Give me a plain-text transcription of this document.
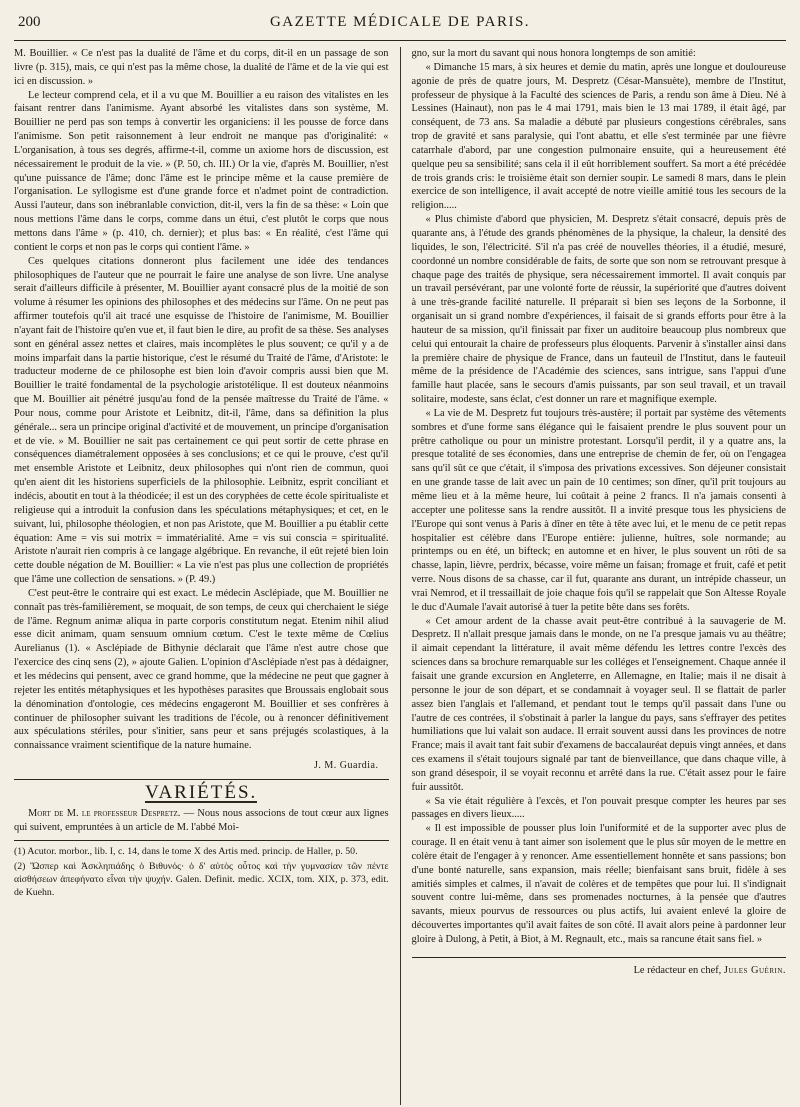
200	GAZETTE MÉDICALE DE PARIS.

M. Bouillier. « Ce n'est pas la dualité de l'âme et du corps, dit-il en un passage de son livre (p. 315), mais, ce qui n'est pas la même chose, la dualité de l'âme et de la vie qui est ici en discussion. »

Le lecteur comprend cela, et il a vu que M. Bouillier a eu raison des vitalistes en les faisant rentrer dans l'animisme. Ayant absorbé les vitalistes dans son système, M. Bouillier ne perd pas son temps à convertir les organiciens: il les pousse de force dans l'animisme. Son petit raisonnement à leur endroit ne manque pas d'originalité: « L'organisation, à tous ses degrés, affirme-t-il, comme un axiome hors de discussion, est nécessairement le produit de la vie. » (P. 50, ch. III.) Or la vie, d'après M. Bouillier, n'est qu'une puissance de l'âme; donc l'âme est le principe même et la cause première de l'organisation. Le syllogisme est d'une grande force et n'admet point de contradiction. Aussi l'auteur, dans son inébranlable conviction, dit-il, vers la fin de sa thèse: « Loin que nous mettions l'âme dans le corps, comme dans un étui, c'est plutôt le corps que nous mettons dans l'âme » (p. 410, ch. dernier); et plus bas: « En réalité, c'est l'âme qui contient le corps et non pas le corps qui contient l'âme. »

Ces quelques citations donneront plus facilement une idée des tendances philosophiques de l'auteur que ne pourrait le faire une analyse de son livre. Une analyse serait d'ailleurs difficile à présenter, M. Bouillier ayant consacré plus de la moitié de son volume à résumer les opinions des philosophes et des médecins sur l'âme. On ne peut pas affirmer toutefois qu'il ait tracé une esquisse de l'histoire de l'animisme, M. Bouillier n'ayant fait de l'histoire qu'en vue et, il faut bien le dire, au profit de sa thèse. Ses analyses sont en général assez nettes et claires, mais incomplètes le plus souvent; ce qu'il y a de moins imparfait dans la partie historique, c'est le résumé du Traité de l'âme, d'Aristote: le traducteur moderne de ce philosophe est bien loin d'avoir compris aussi bien que M. Bouillier le traité fondamental de la psychologie aristotélique. Il est douteux néanmoins que M. Bouillier ait pénétré jusqu'au fond de la pensée maîtresse du Traité de l'âme. « Pour nous, comme pour Aristote et Leibnitz, dit-il, l'âme, dans sa définition la plus générale... sera un principe original d'activité et de mouvement, un principe d'organisation et de vie. » M. Bouillier ne sait pas certainement ce qui peut sortir de cette phrase en conséquences diamétralement opposées à ses conclusions; et ce qui le prouve, c'est qu'il met ensemble Aristote et Leibnitz, deux philosophes qui n'ont rien de commun, quoi qu'en aient dit les historiens superficiels de la philosophie. Leibnitz, esprit conciliant et indécis, aboutit en tout à la théodicée; il est un des coryphées de cette école spiritualiste et religieuse qui a introduit la confusion dans les spéculations métaphysiques; et cet, en le suivant, lui, philosophe théologien, et non pas Aristote, que M. Bouillier a pu établir cette équation: Ame = vis sui motrix = immatérialité. Ame = vis sui conscia = spiritualité. Aristote n'aurait rien compris à ce langage algébrique. En revanche, il eût rejeté bien loin cette double négation de M. Bouillier: « La vie n'est pas plus une collection de propriétés que l'âme une collection de sensations. » (P. 49.)

C'est peut-être le contraire qui est exact. Le médecin Asclépiade, que M. Bouillier ne connaît pas très-familièrement, se moquait, de son temps, de ceux qui cherchaient le siége de l'âme. Regnum animæ aliqua in parte corporis constitutum negat. Etenim nihil aliud esse dicit animam, quam sensuum omnium cœtum. C'est le texte même de Cœlius Aurelianus (1). « Asclépiade de Bithynie déclarait que l'âme n'est autre chose que l'exercice des cinq sens (2), » ajoute Galien. L'opinion d'Asclépiade n'est pas à dédaigner, et les médecins qui pensent, avec ce grand homme, que la médecine ne peut que gagner à rejeter les entités métaphysiques et les hypothèses parasites que Broussais englobait sous la dénomination d'ontologie, ces médecins engageront M. Bouillier et ses confrères à continuer de philosopher suivant les traditions de l'école, ou à renoncer définitivement aux spéculations stériles, pour s'initier, sans peur et sans préjugés scolastiques, à la connaissance vraiment scientifique de la nature humaine.

J. M. Guardia.
VARIÉTÉS.

Mort de M. le professeur Despretz. — Nous nous associons de tout cœur aux lignes qui suivent, empruntées à un article de M. l'abbé Moi-

(1) Acutor. morbor., lib. I, c. 14, dans le tome X des Artis med. princip. de Haller, p. 50.

(2) Ὥσπερ καὶ Ἀσκληπιάδης ὁ Βιθυνός· ὁ δ' αὐτὸς οὗτος καὶ τὴν γυμνασίαν τῶν πέντε αἰσθήσεων ἀπεφήνατο εἶναι τὴν ψυχήν. Galen. Definit. medic. XCIX, tom. XIX, p. 373, edit. de Kuehn.

gno, sur la mort du savant qui nous honora longtemps de son amitié:

« Dimanche 15 mars, à six heures et demie du matin, après une longue et douloureuse agonie de près de quatre jours, M. Despretz (César-Mansuète), membre de l'Institut, professeur de physique à la Faculté des sciences de Paris, a rendu son âme à Dieu. Né à Lessines (Hainaut), non pas le 4 mai 1791, mais bien le 13 mai 1789, il était âgé, par conséquent, de 73 ans. Sa maladie a débuté par plusieurs congestions cérébrales, sans trop de gravité et sans paralysie, qui l'ont abattu, et elle s'est terminée par une fièvre catarrhale d'abord, par une congestion pulmonaire ensuite, qui a heureusement été quelque peu sa sensibilité; sans cela il il eût horriblement souffert. Sa mort a été précédée de trois grands cris: le troisième était son dernier soupir. Le samedi 8 mars, dans le plein exercice de son intelligence, il avait accepté de notre vieille amitié tous les secours de la religion.....

« Plus chimiste d'abord que physicien, M. Despretz s'était consacré, depuis près de quarante ans, à l'étude des grands phénomènes de la physique, la chaleur, la densité des liquides, le son, l'électricité. S'il n'a pas créé de nouvelles théories, il a étudié, mesuré, coordonné un nombre considérable de faits, de sorte que son nom se retrouvant presque à chaque page des traités de physique, sera nécessairement immortel. Il avait conquis par un travail persévérant, par une volonté forte de réussir, la supériorité que d'autres doivent à une très-grande facilité naturelle. Il préparait si bien ses leçons de la Sorbonne, il organisait un si grand nombre d'expériences, il faisait de si grands efforts pour être à la hauteur de sa mission, qu'il finissait par fixer un auditoire beaucoup plus nombreux que celui qui entourait la chaire de professeurs plus éloquents. Parvenir à s'installer ainsi dans la première chaire de physique de France, dans un fauteuil de l'Institut, dans le fauteuil même de la présidence de l'Académie des sciences, sans intrigue, sans l'appui d'une famille haut placée, sans le secours d'amis puissants, par son seul travail, et un travail solitaire, modeste, sans éclat, c'est donner un rare et magnifique exemple.

« La vie de M. Despretz fut toujours très-austère; il portait par système des vêtements sombres et d'une forme sans élégance qui le faisaient prendre le plus souvent pour un prêtre catholique ou pour un ministre protestant. Lorsqu'il perdit, il y a quatre ans, la presque totalité de ses économies, dans une entreprise de chemin de fer, où on l'engagea sans qu'il sût ce que c'était, il s'imposa des privations excessives. Son déjeuner consistait en une grande tasse de lait avec un pain de 10 centimes; son dîner, qu'il prit toujours au même lieu et à la même heure, lui coûtait à peine 2 francs. Il n'a jamais consenti à accepter une politesse sans la rendre aussitôt. Il a invité presque tous les physiciens de l'Europe qui sont venus à Paris à dîner en tête à tête avec lui, et le menu de ce petit repas hospitalier est célèbre dans l'Europe entière: julienne, huîtres, sole normande; au printemps ou en été, un bifteck; en automne et en hiver, le plus souvent un rôti de sa chasse, lapin, lièvre, perdrix, bécasse, voire même un faisan; fromage et fruit, café et petit verre. Nous disons de sa chasse, car il fut, quarante ans durant, un intrépide chasseur, un vrai Nemrod, et il tressaillait de joie chaque fois qu'il se rappelait que Son Altesse Royale le duc d'Aumale l'avait autorisé à tuer la petite bête dans ses forêts.

« Cet amour ardent de la chasse avait peut-être contribué à la sauvagerie de M. Despretz. Il n'allait presque jamais dans le monde, on ne l'a presque jamais vu au théâtre; il aimait cependant la littérature, il avait même défendu les lettres contre l'excès des sciences dans sa brochure remarquable sur les colléges et l'enseignement. Chaque année il faisait une grande excursion en Angleterre, en Allemagne, en Italie; mais il ne disait à personne le jour de son départ, et se condamnait à voyager seul. Il se flattait de parler assez bien l'anglais et l'allemand, et pendant tout le temps qu'il passait dans l'une ou l'autre de ces contrées, il s'obstinait à parler la langue du pays, sans s'effrayer des petites humiliations que lui valait son audace. Il errait souvent aussi dans les provinces de notre France; mais il avait tant fait subir d'examens de baccalauréat depuis vingt années, et dans ces examens il s'était toujours signalé par tant de bienveillance, que dans chaque ville, à son grand désespoir, il se voyait reconnu et arrêté dans la rue. C'était assez pour le faire fuir aussitôt.

« Sa vie était régulière à l'excès, et l'on pouvait presque compter les heures par ses passages en divers lieux.....

« Il est impossible de pousser plus loin l'uniformité et de la supporter avec plus de courage. Il en était venu à tant aimer son isolement que le plus sûr moyen de le mettre en colère était de l'engager à y renoncer. Ame essentiellement honnête et sans passions; bon d'une bonté naturelle, sans expansion, mais réelle; bienfaisant sans bruit, fidèle à ses amitiés simples et calmes, il n'avait de colères et de tempêtes que pour lui. Il s'indignait souvent contre lui-même, dans ses promenades nocturnes, à la pensée que d'autres savants, mieux pourvus de ressources ou plus actifs, lui avaient enlevé la gloire de découvertes importantes qu'il avait faites de son côté. Il avait alors peine à pardonner leur gloire à Dulong, à Petit, à Biot, à M. Regnault, etc., mais sa rancune était sans fiel. »

Le rédacteur en chef, Jules Guérin.
